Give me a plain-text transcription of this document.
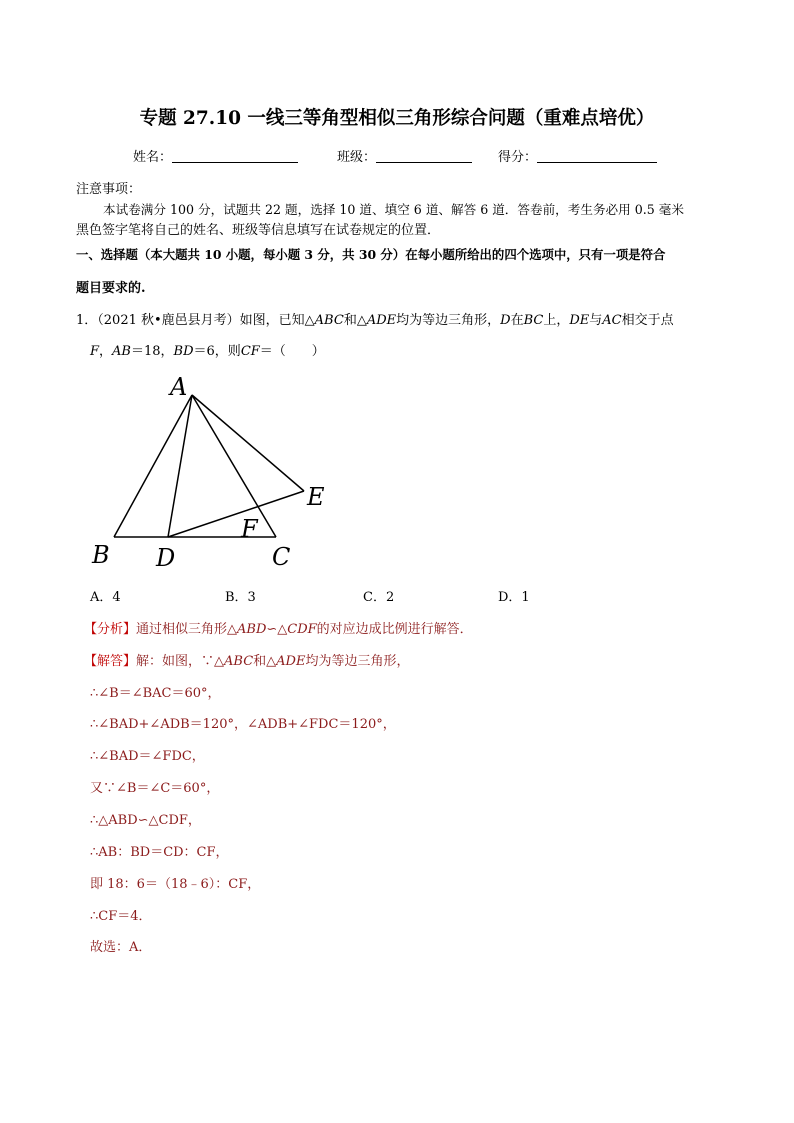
专题 27.10 一线三等角型相似三角形综合问题（重难点培优）
姓名：	班级：	得分：
注意事项：
本试卷满分 100 分，试题共 22 题，选择 10 道、填空 6 道、解答 6 道．答卷前，考生务必用 0.5 毫米
黑色签字笔将自己的姓名、班级等信息填写在试卷规定的位置．
一、选择题（本大题共 10 小题，每小题 3 分，共 30 分）在每小题所给出的四个选项中，只有一项是符合
题目要求的.
1．（2021 秋•鹿邑县月考）如图，已知△ABC和△ADE均为等边三角形，D在BC上，DE与AC相交于点
F，AB＝18，BD＝6，则CF＝（　　）
A
B	C
D
E
F
A．4	B．3	C．2	D．1
【分析】通过相似三角形△ABD∽△CDF的对应边成比例进行解答．
【解答】解：如图，∵△ABC和△ADE均为等边三角形，
∴∠B＝∠BAC＝60°，
∴∠BAD+∠ADB＝120°，∠ADB+∠FDC＝120°，
∴∠BAD＝∠FDC，
又∵∠B＝∠C＝60°，
∴△ABD∽△CDF，
∴AB：BD＝CD：CF，
即 18：6＝（18﹣6）：CF，
∴CF＝4．
故选：A．
